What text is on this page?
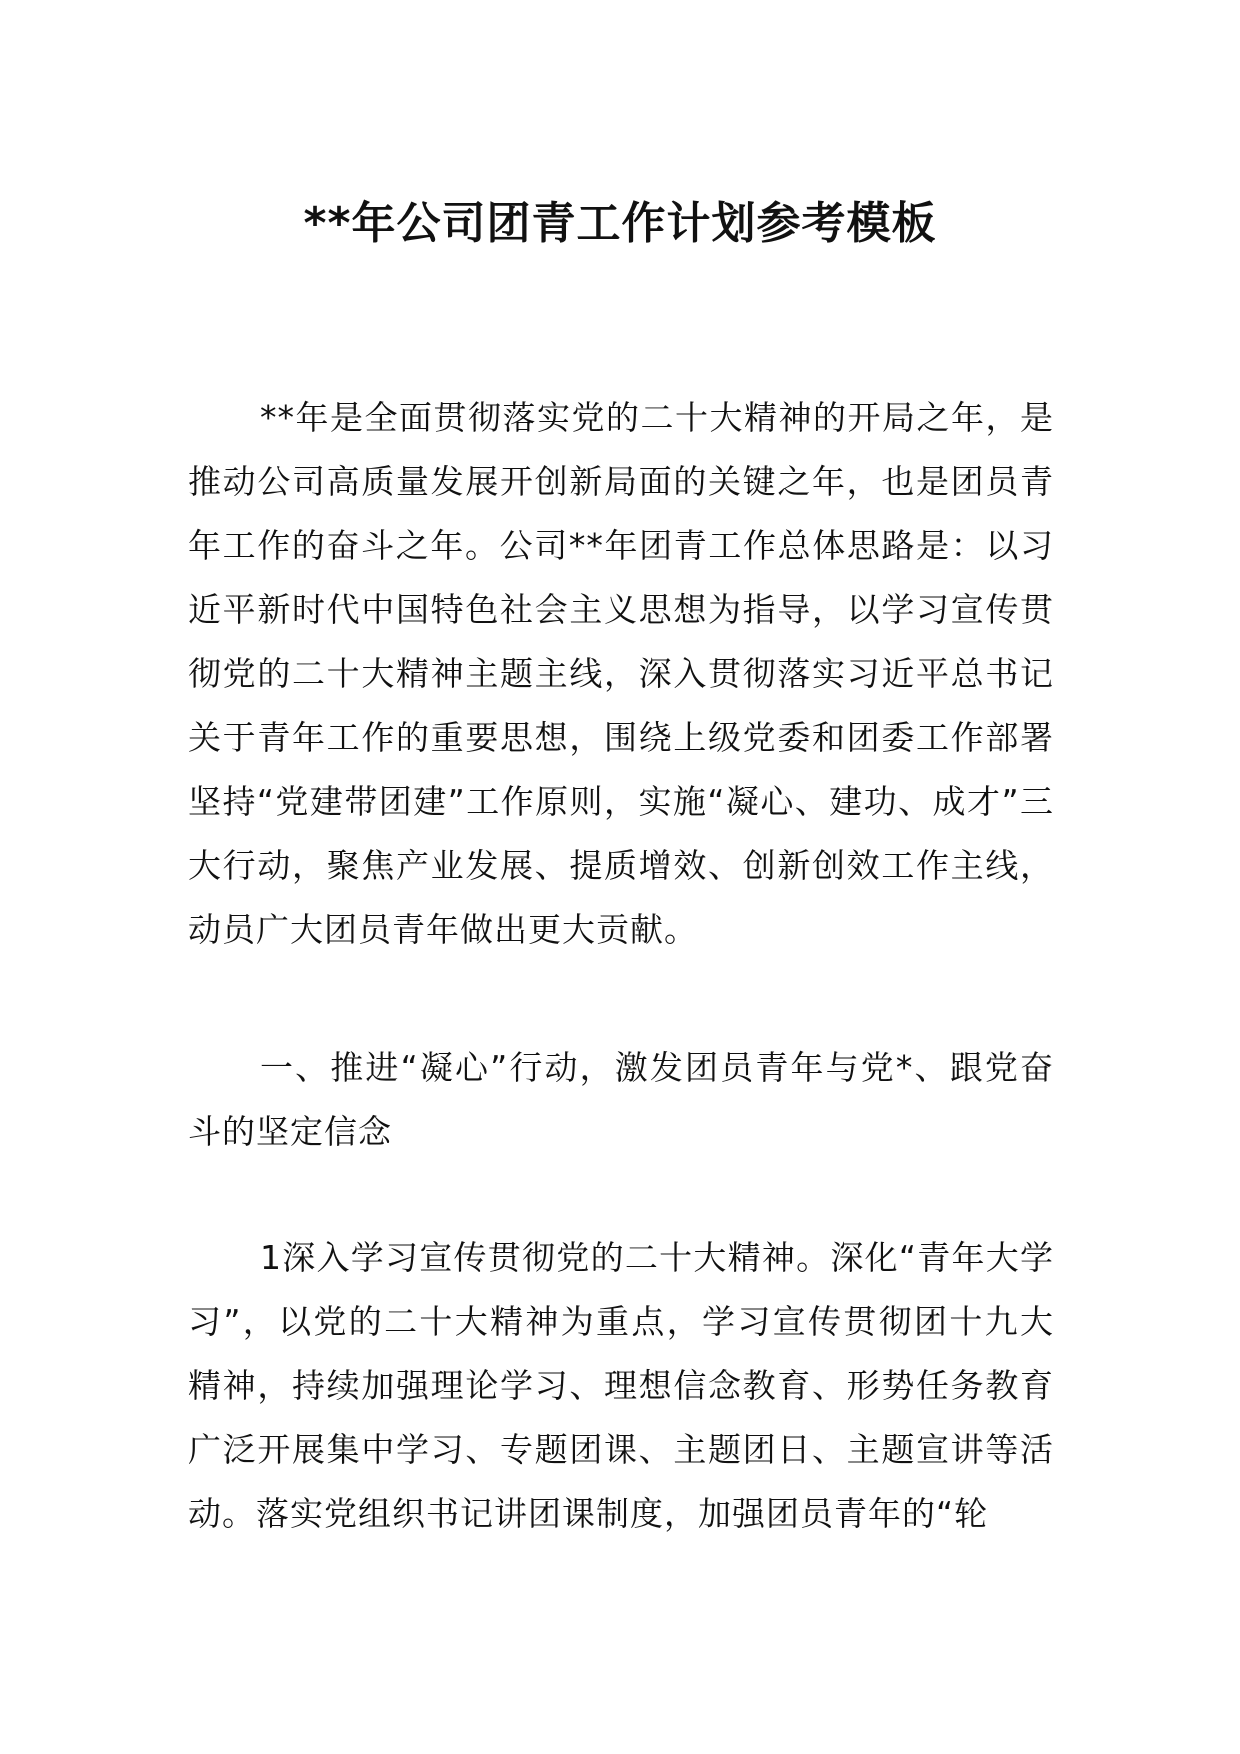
**年公司团青工作计划参考模板

**年是全面贯彻落实党的二十大精神的开局之年，是推动公司高质量发展开创新局面的关键之年，也是团员青年工作的奋斗之年。公司**年团青工作总体思路是：以习近平新时代中国特色社会主义思想为指导，以学习宣传贯彻党的二十大精神主题主线，深入贯彻落实习近平总书记关于青年工作的重要思想，围绕上级党委和团委工作部署坚持“党建带团建”工作原则，实施“凝心、建功、成才”三大行动，聚焦产业发展、提质增效、创新创效工作主线，动员广大团员青年做出更大贡献。

一、推进“凝心”行动，激发团员青年与党*、跟党奋斗的坚定信念

1深入学习宣传贯彻党的二十大精神。深化“青年大学习”，以党的二十大精神为重点，学习宣传贯彻团十九大精神，持续加强理论学习、理想信念教育、形势任务教育广泛开展集中学习、专题团课、主题团日、主题宣讲等活动。落实党组织书记讲团课制度，加强团员青年的“轮
